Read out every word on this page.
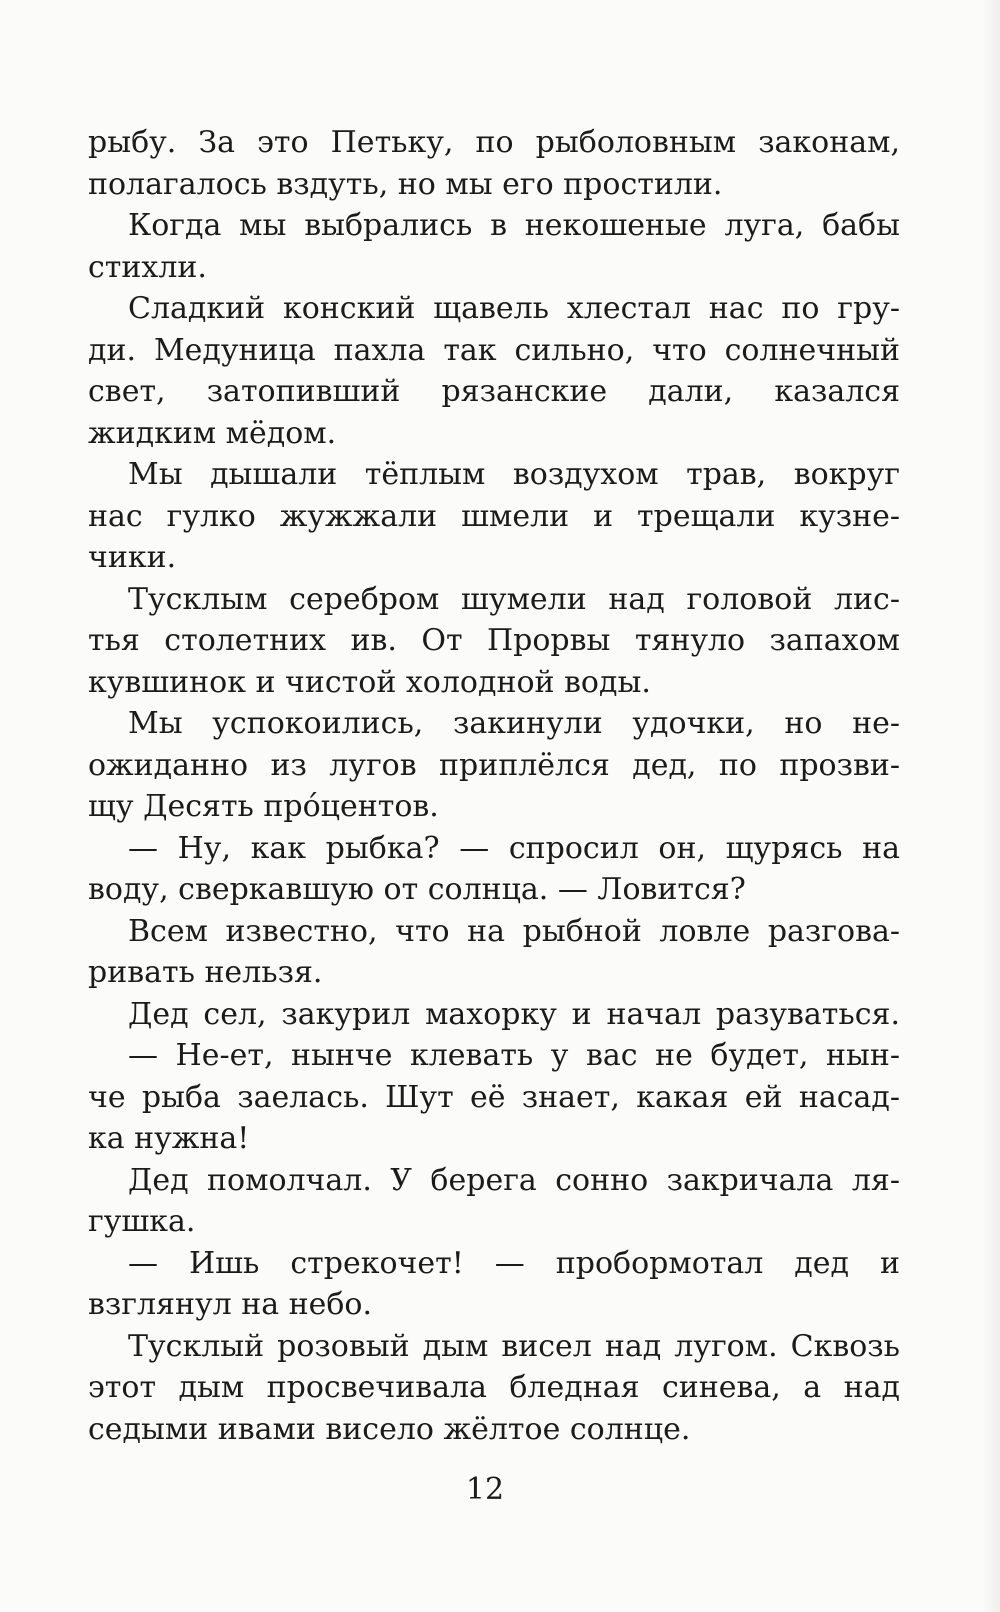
рыбу. За это Петьку, по рыболовным законам,
полагалось вздуть, но мы его простили.
Когда мы выбрались в некошеные луга, бабы
стихли.
Сладкий конский щавель хлестал нас по гру-
ди. Медуница пахла так сильно, что солнечный
свет, затопивший рязанские дали, казался
жидким мёдом.
Мы дышали тёплым воздухом трав, вокруг
нас гулко жужжали шмели и трещали кузне-
чики.
Тусклым серебром шумели над головой лис-
тья столетних ив. От Прорвы тянуло запахом
кувшинок и чистой холодной воды.
Мы успокоились, закинули удочки, но не-
ожиданно из лугов приплёлся дед, по прозви-
щу Десять про́центов.
— Ну, как рыбка? — спросил он, щурясь на
воду, сверкавшую от солнца. — Ловится?
Всем известно, что на рыбной ловле разгова-
ривать нельзя.
Дед сел, закурил махорку и начал разуваться.
— Не-ет, нынче клевать у вас не будет, нын-
че рыба заелась. Шут её знает, какая ей насад-
ка нужна!
Дед помолчал. У берега сонно закричала ля-
гушка.
— Ишь стрекочет! — пробормотал дед и
взглянул на небо.
Тусклый розовый дым висел над лугом. Сквозь
этот дым просвечивала бледная синева, а над
седыми ивами висело жёлтое солнце.
12
